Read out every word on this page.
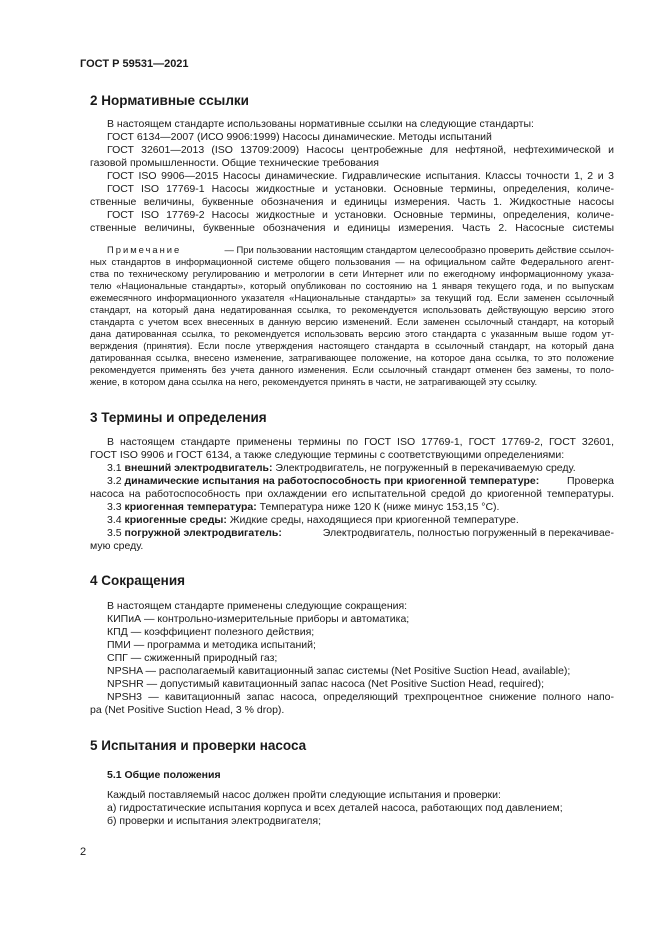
ГОСТ Р 59531—2021
2 Нормативные ссылки
В настоящем стандарте использованы нормативные ссылки на следующие стандарты:
ГОСТ 6134—2007 (ИСО 9906:1999) Насосы динамические. Методы испытаний
ГОСТ 32601—2013 (ISO 13709:2009) Насосы центробежные для нефтяной, нефтехимической и
газовой промышленности. Общие технические требования
ГОСТ ISO 9906—2015 Насосы динамические. Гидравлические испытания. Классы точности 1, 2 и 3
ГОСТ ISO 17769-1 Насосы жидкостные и установки. Основные термины, определения, количе-
ственные величины, буквенные обозначения и единицы измерения. Часть 1. Жидкостные насосы
ГОСТ ISO 17769-2 Насосы жидкостные и установки. Основные термины, определения, количе-
ственные величины, буквенные обозначения и единицы измерения. Часть 2. Насосные системы
Примечание	— При пользовании настоящим стандартом целесообразно проверить действие ссылоч-
ных стандартов в информационной системе общего пользования — на официальном сайте Федерального агент-
ства по техническому регулированию и метрологии в сети Интернет или по ежегодному информационному указа-
телю «Национальные стандарты», который опубликован по состоянию на 1 января текущего года, и по выпускам
ежемесячного информационного указателя «Национальные стандарты» за текущий год. Если заменен ссылочный
стандарт, на который дана недатированная ссылка, то рекомендуется использовать действующую версию этого
стандарта с учетом всех внесенных в данную версию изменений. Если заменен ссылочный стандарт, на который
дана датированная ссылка, то рекомендуется использовать версию этого стандарта с указанным выше годом ут-
верждения (принятия). Если после утверждения настоящего стандарта в ссылочный стандарт, на который дана
датированная ссылка, внесено изменение, затрагивающее положение, на которое дана ссылка, то это положение
рекомендуется применять без учета данного изменения. Если ссылочный стандарт отменен без замены, то поло-
жение, в котором дана ссылка на него, рекомендуется принять в части, не затрагивающей эту ссылку.
3 Термины и определения
В настоящем стандарте применены термины по ГОСТ ISO 17769-1, ГОСТ 17769-2, ГОСТ 32601,
ГОСТ ISO 9906 и ГОСТ 6134, а также следующие термины с соответствующими определениями:
3.1 внешний электродвигатель: Электродвигатель, не погруженный в перекачиваемую среду.
3.2 динамические испытания на работоспособность при криогенной температуре:	Проверка
насоса на работоспособность при охлаждении его испытательной средой до криогенной температуры.
3.3 криогенная температура: Температура ниже 120 К (ниже минус 153,15 °С).
3.4 криогенные среды: Жидкие среды, находящиеся при криогенной температуре.
3.5 погружной электродвигатель:	Электродвигатель, полностью погруженный в перекачивае-
мую среду.
4 Сокращения
В настоящем стандарте применены следующие сокращения:
КИПиА — контрольно-измерительные приборы и автоматика;
КПД — коэффициент полезного действия;
ПМИ — программа и методика испытаний;
СПГ — сжиженный природный газ;
NPSHA — располагаемый кавитационный запас системы (Net Positive Suction Head, available);
NPSHR — допустимый кавитационный запас насоса (Net Positive Suction Head, required);
NPSH3 — кавитационный запас насоса, определяющий трехпроцентное снижение полного напо-
ра (Net Positive Suction Head, 3 % drop).
5 Испытания и проверки насоса
5.1 Общие положения
Каждый поставляемый насос должен пройти следующие испытания и проверки:
а) гидростатические испытания корпуса и всех деталей насоса, работающих под давлением;
б) проверки и испытания электродвигателя;
2
